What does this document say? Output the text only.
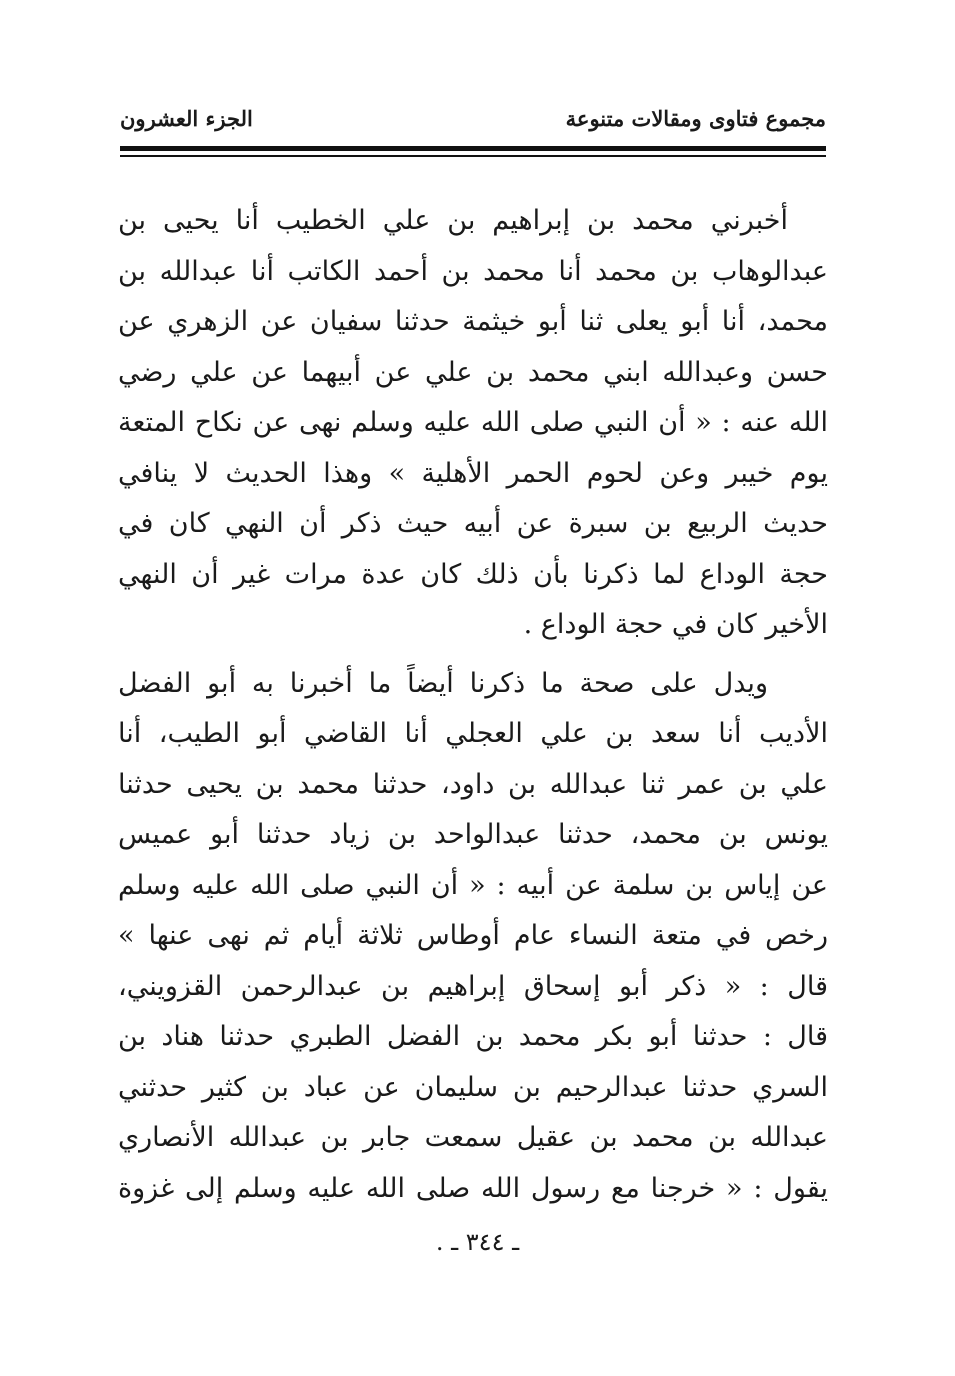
مجموع فتاوى ومقالات متنوعة
الجزء العشرون
أخبرني محمد بن إبراهيم بن علي الخطيب أنا يحيى بن
عبدالوهاب بن محمد أنا محمد بن أحمد الكاتب أنا عبدالله بن
محمد، أنا أبو يعلى ثنا أبو خيثمة حدثنا سفيان عن الزهري عن
حسن وعبدالله ابني محمد بن علي عن أبيهما عن علي رضي
الله عنه : « أن النبي صلى الله عليه وسلم نهى عن نكاح المتعة
يوم خيبر وعن لحوم الحمر الأهلية » وهذا الحديث لا ينافي
حديث الربيع بن سبرة عن أبيه حيث ذكر أن النهي كان في
حجة الوداع لما ذكرنا بأن ذلك كان عدة مرات غير أن النهي
الأخير كان في حجة الوداع .
ويدل على صحة ما ذكرنا أيضاً ما أخبرنا به أبو الفضل
الأديب أنا سعد بن علي العجلي أنا القاضي أبو الطيب، أنا
علي بن عمر ثنا عبدالله بن داود، حدثنا محمد بن يحيى حدثنا
يونس بن محمد، حدثنا عبدالواحد بن زياد حدثنا أبو عميس
عن إياس بن سلمة عن أبيه : « أن النبي صلى الله عليه وسلم
رخص في متعة النساء عام أوطاس ثلاثة أيام ثم نهى عنها »
قال : « ذكر أبو إسحاق إبراهيم بن عبدالرحمن القزويني،
قال : حدثنا أبو بكر محمد بن الفضل الطبري حدثنا هناد بن
السري حدثنا عبدالرحيم بن سليمان عن عباد بن كثير حدثني
عبدالله بن محمد بن عقيل سمعت جابر بن عبدالله الأنصاري
يقول : « خرجنا مع رسول الله صلى الله عليه وسلم إلى غزوة
ـ ٣٤٤ ـ .
